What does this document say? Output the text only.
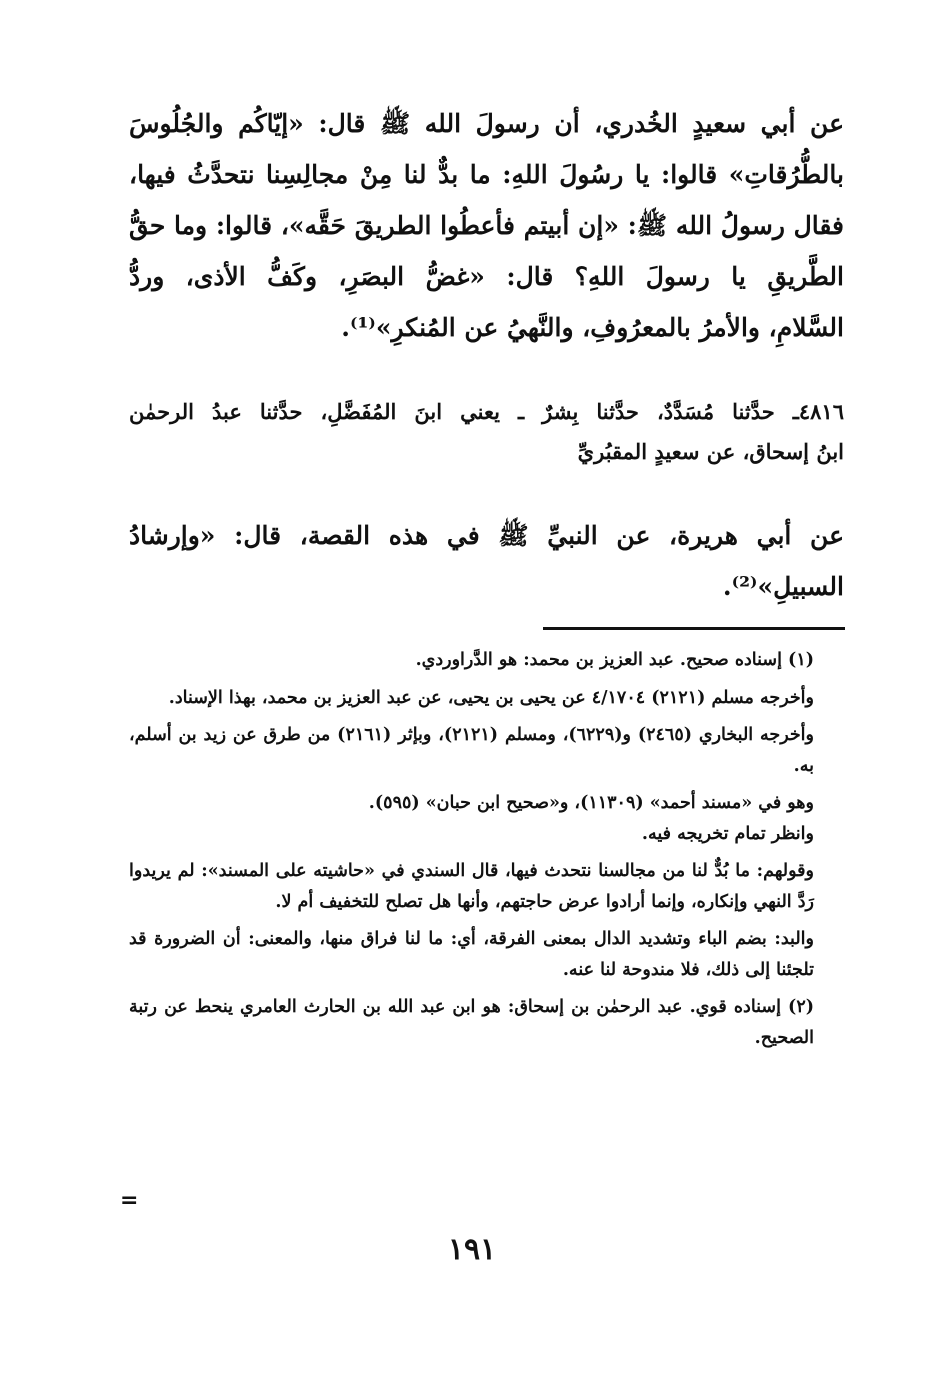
عن أبي سعيدٍ الخُدري، أن رسولَ الله ﷺ قال: «إيّاكُم والجُلُوسَ
بالطُّرُقاتِ» قالوا: يا رسُولَ اللهِ: ما بدٌّ لنا مِنْ مجالِسِنا نتحدَّثُ فيها،
فقال رسولُ الله ﷺ: «إن أبيتم فأعطُوا الطريقَ حَقَّه»، قالوا: وما حقُّ
الطَّريقِ يا رسولَ اللهِ؟ قال: «غضُّ البصَرِ، وكَفُّ الأذى، وردُّ
السَّلامِ، والأمرُ بالمعرُوفِ، والنَّهيُ عن المُنكرِ»⁽¹⁾.
٤٨١٦ـ حدَّثنا مُسَدَّدٌ، حدَّثنا بِشرٌ ـ يعني ابنَ المُفَضَّلِ، حدَّثنا عبدُ الرحمٰن
ابنُ إسحاق، عن سعيدٍ المقبُريِّ
عن أبي هريرة، عن النبيِّ ﷺ في هذه القصة، قال: «وإرشادُ
السبيلِ»⁽²⁾.

(١) إسناده صحيح. عبد العزيز بن محمد: هو الدَّراوردي.

وأخرجه مسلم (٢١٢١) ٤/١٧٠٤ عن يحيى بن يحيى، عن عبد العزيز بن محمد، بهذا الإسناد.

وأخرجه البخاري (٢٤٦٥) و(٦٢٢٩)، ومسلم (٢١٢١)، وبإثر (٢١٦١) من طرق عن زيد بن أسلم، به.

وهو في «مسند أحمد» (١١٣٠٩)، و«صحيح ابن حبان» (٥٩٥).

وانظر تمام تخريجه فيه.

وقولهم: ما بُدٌّ لنا من مجالسنا نتحدث فيها، قال السندي في «حاشيته على المسند»: لم يريدوا رَدَّ النهي وإنكاره، وإنما أرادوا عرض حاجتهم، وأنها هل تصلح للتخفيف أم لا.

والبد: بضم الباء وتشديد الدال بمعنى الفرقة، أي: ما لنا فراق منها، والمعنى: أن الضرورة قد تلجئنا إلى ذلك، فلا مندوحة لنا عنه.

(٢) إسناده قوي. عبد الرحمٰن بن إسحاق: هو ابن عبد الله بن الحارث العامري ينحط عن رتبة الصحيح.

=
١٩١
